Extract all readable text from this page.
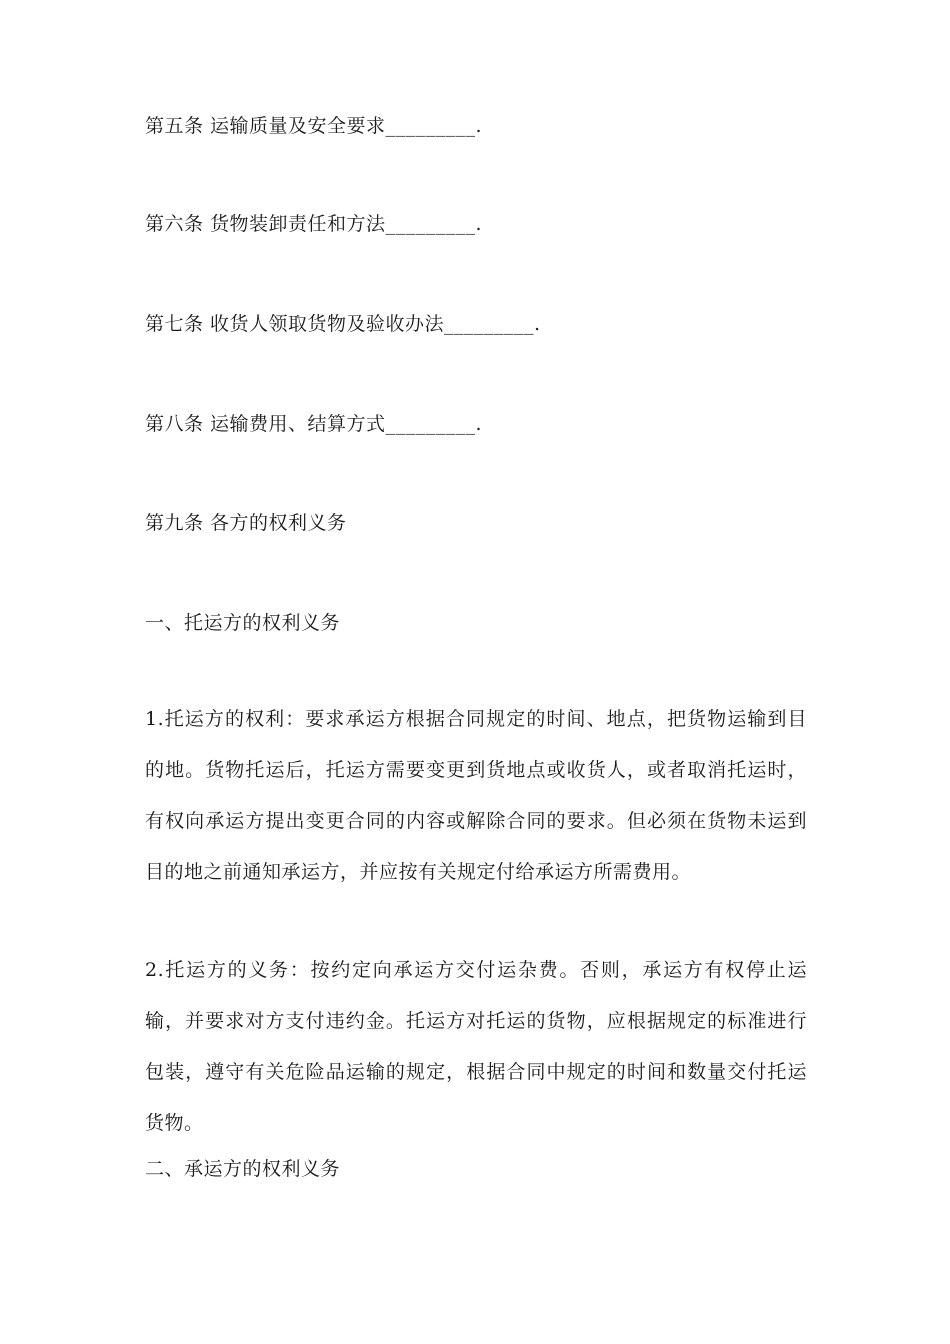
第五条 运输质量及安全要求_________.
第六条 货物装卸责任和方法_________.
第七条 收货人领取货物及验收办法_________.
第八条 运输费用、结算方式_________.
第九条 各方的权利义务
一、托运方的权利义务
1.托运方的权利：要求承运方根据合同规定的时间、地点，把货物运输到目的地。货物托运后，托运方需要变更到货地点或收货人，或者取消托运时，有权向承运方提出变更合同的内容或解除合同的要求。但必须在货物未运到目的地之前通知承运方，并应按有关规定付给承运方所需费用。
2.托运方的义务：按约定向承运方交付运杂费。否则，承运方有权停止运输，并要求对方支付违约金。托运方对托运的货物，应根据规定的标准进行包装，遵守有关危险品运输的规定，根据合同中规定的时间和数量交付托运货物。
二、承运方的权利义务
